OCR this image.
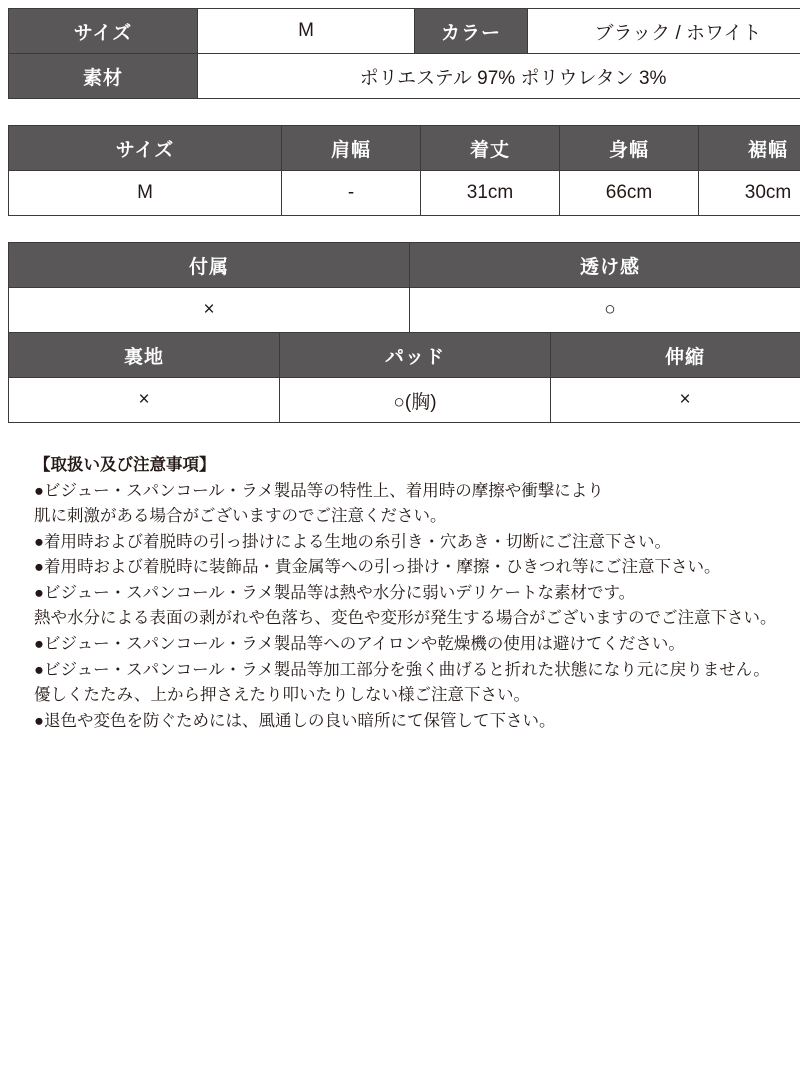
サイズ	M	カラー	ブラック / ホワイト
素材	ポリエステル 97% ポリウレタン 3%		
サイズ	肩幅	着丈	身幅	裾幅
M	-	31cm	66cm	30cm
付属	透け感
×	○
裏地	パッド	伸縮
×	○(胸)	×
【取扱い及び注意事項】
●ビジュー・スパンコール・ラメ製品等の特性上、着用時の摩擦や衝撃により
肌に刺激がある場合がございますのでご注意ください。
●着用時および着脱時の引っ掛けによる生地の糸引き・穴あき・切断にご注意下さい。
●着用時および着脱時に装飾品・貴金属等への引っ掛け・摩擦・ひきつれ等にご注意下さい。
●ビジュー・スパンコール・ラメ製品等は熱や水分に弱いデリケートな素材です。
熱や水分による表面の剥がれや色落ち、変色や変形が発生する場合がございますのでご注意下さい。
●ビジュー・スパンコール・ラメ製品等へのアイロンや乾燥機の使用は避けてください。
●ビジュー・スパンコール・ラメ製品等加工部分を強く曲げると折れた状態になり元に戻りません。
優しくたたみ、上から押さえたり叩いたりしない様ご注意下さい。
●退色や変色を防ぐためには、風通しの良い暗所にて保管して下さい。
